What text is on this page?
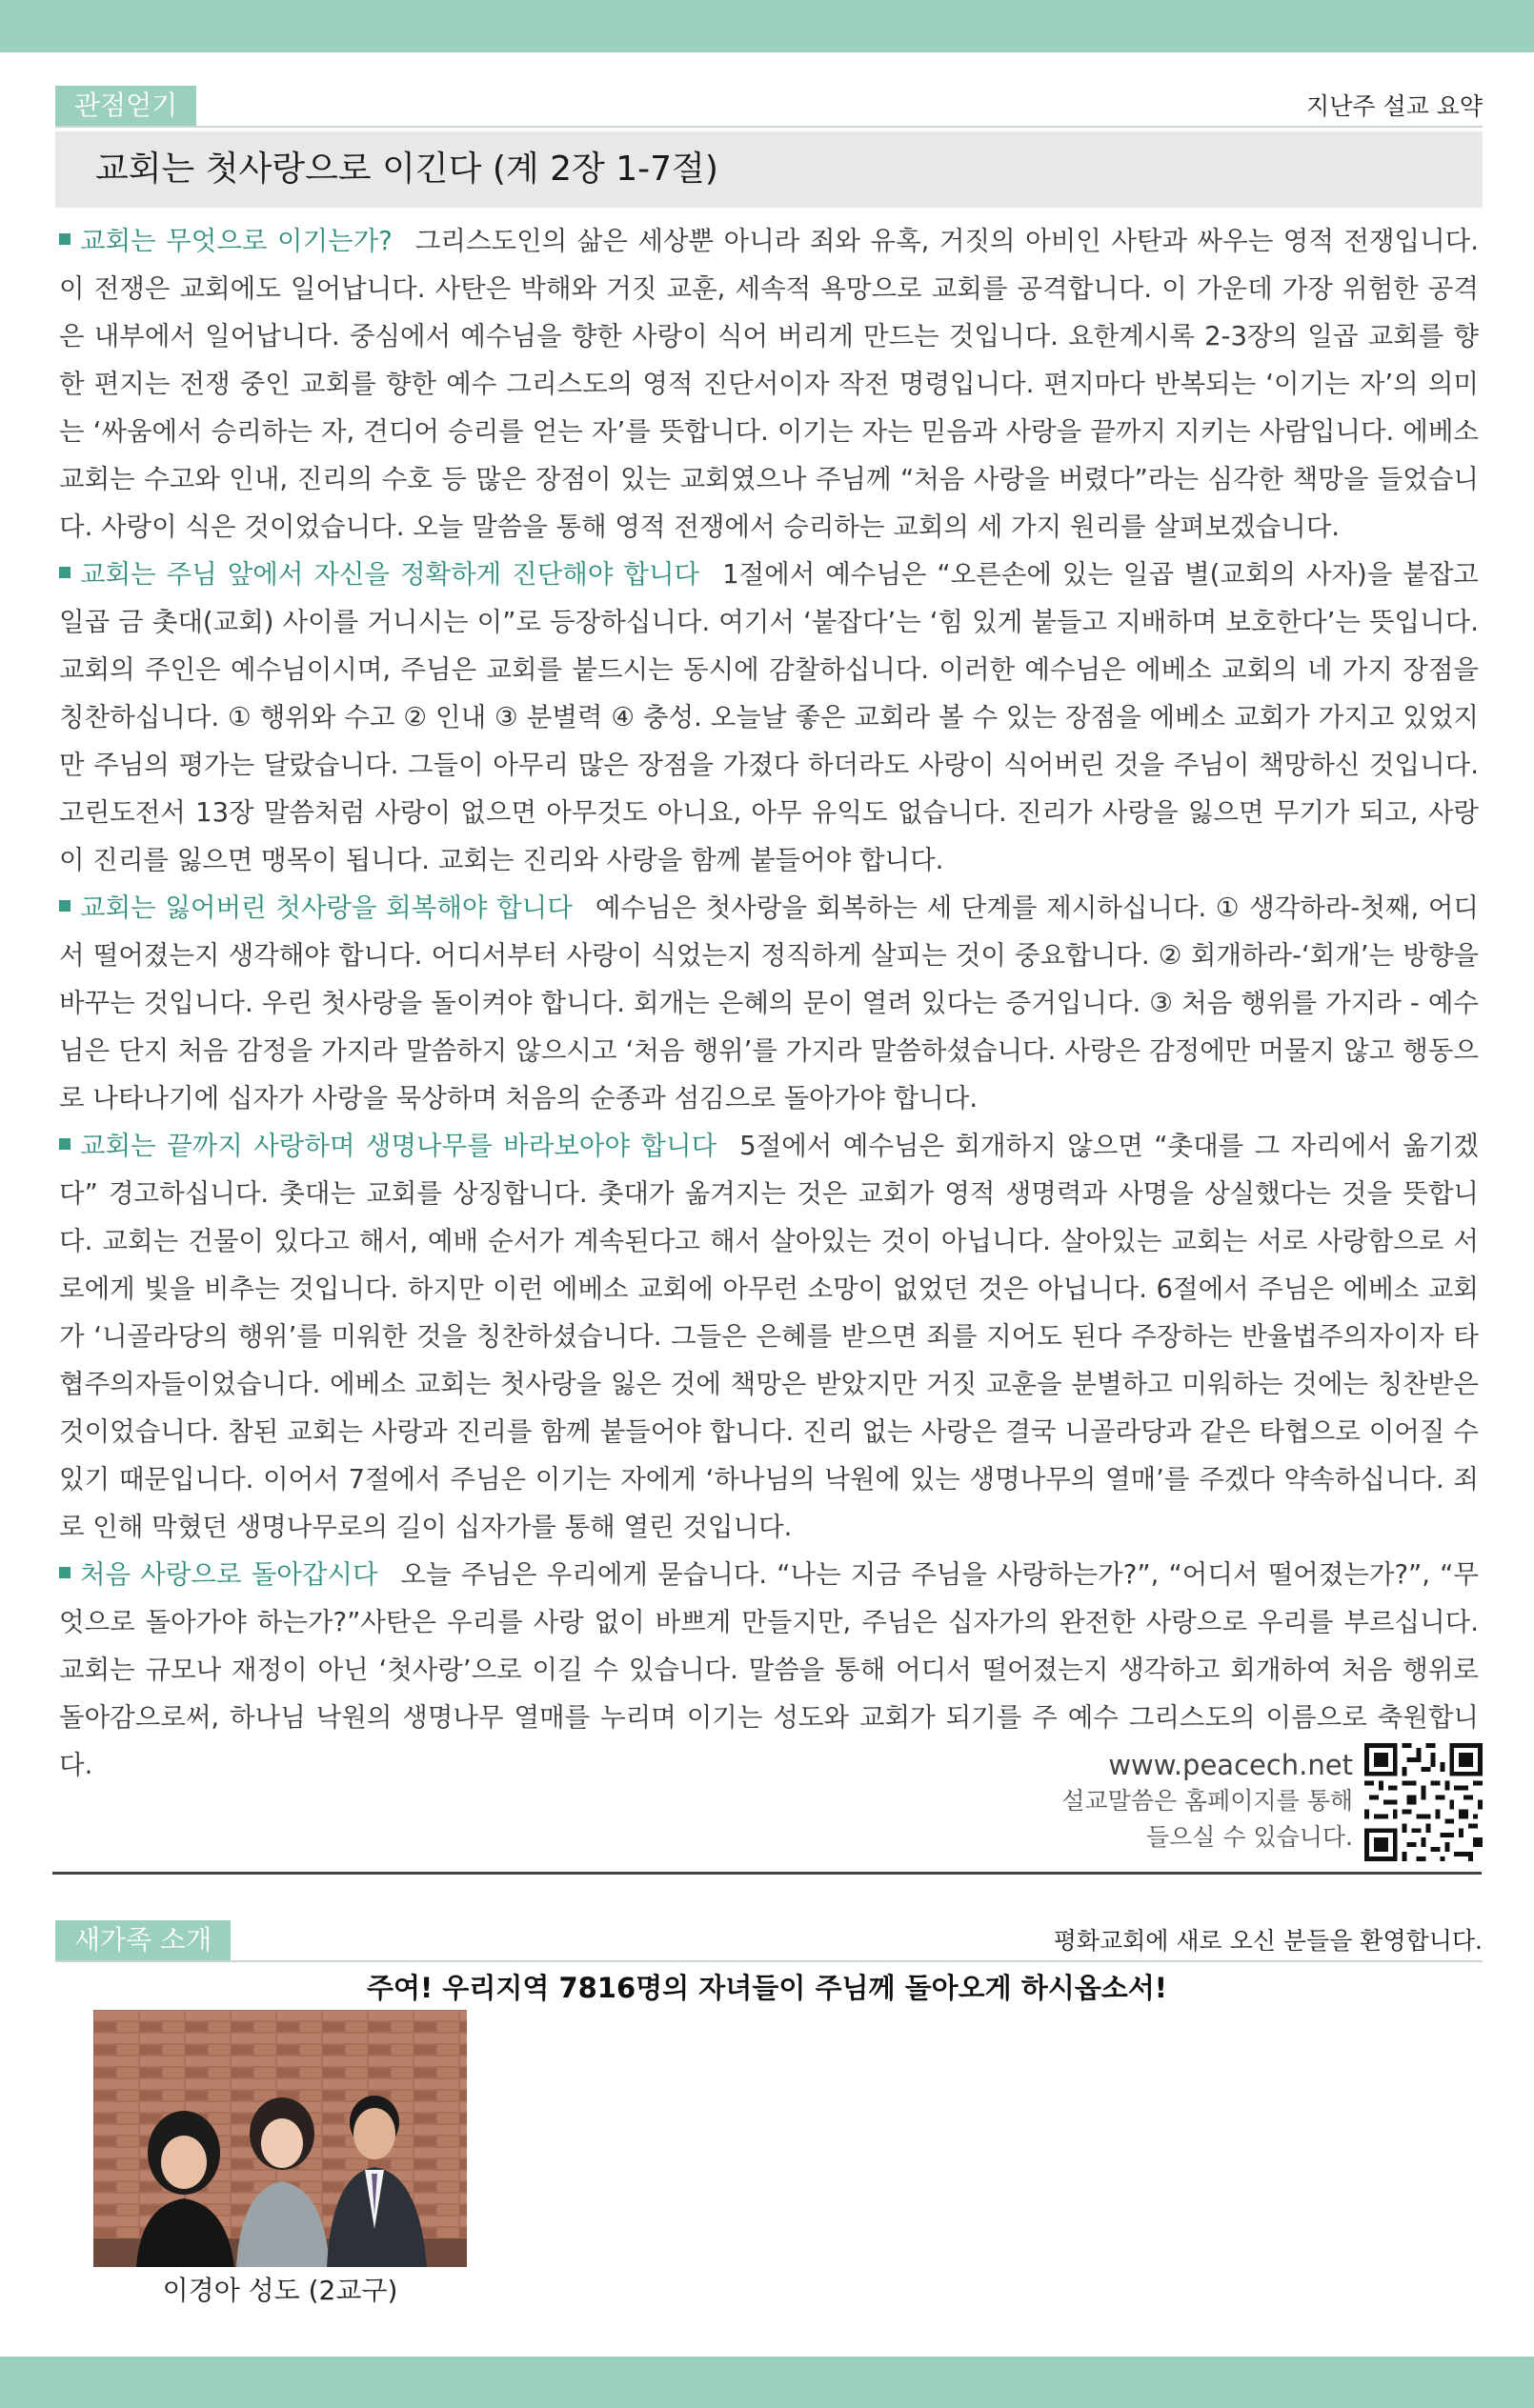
관점얻기	지난주 설교 요약
교회는 첫사랑으로 이긴다 (계 2장 1-7절)

교회는 무엇으로 이기는가? 그리스도인의 삶은 세상뿐 아니라 죄와 유혹, 거짓의 아비인 사탄과 싸우는 영적 전쟁입니다. 이 전쟁은 교회에도 일어납니다. 사탄은 박해와 거짓 교훈, 세속적 욕망으로 교회를 공격합니다. 이 가운데 가장 위험한 공격은 내부에서 일어납니다. 중심에서 예수님을 향한 사랑이 식어 버리게 만드는 것입니다. 요한계시록 2-3장의 일곱 교회를 향한 편지는 전쟁 중인 교회를 향한 예수 그리스도의 영적 진단서이자 작전 명령입니다. 편지마다 반복되는 ‘이기는 자’의 의미는 ‘싸움에서 승리하는 자, 견디어 승리를 얻는 자’를 뜻합니다. 이기는 자는 믿음과 사랑을 끝까지 지키는 사람입니다. 에베소 교회는 수고와 인내, 진리의 수호 등 많은 장점이 있는 교회였으나 주님께 “처음 사랑을 버렸다”라는 심각한 책망을 들었습니다. 사랑이 식은 것이었습니다. 오늘 말씀을 통해 영적 전쟁에서 승리하는 교회의 세 가지 원리를 살펴보겠습니다.

교회는 주님 앞에서 자신을 정확하게 진단해야 합니다 1절에서 예수님은 “오른손에 있는 일곱 별(교회의 사자)을 붙잡고 일곱 금 촛대(교회) 사이를 거니시는 이”로 등장하십니다. 여기서 ‘붙잡다’는 ‘힘 있게 붙들고 지배하며 보호한다’는 뜻입니다. 교회의 주인은 예수님이시며, 주님은 교회를 붙드시는 동시에 감찰하십니다. 이러한 예수님은 에베소 교회의 네 가지 장점을 칭찬하십니다. ① 행위와 수고 ② 인내 ③ 분별력 ④ 충성. 오늘날 좋은 교회라 볼 수 있는 장점을 에베소 교회가 가지고 있었지만 주님의 평가는 달랐습니다. 그들이 아무리 많은 장점을 가졌다 하더라도 사랑이 식어버린 것을 주님이 책망하신 것입니다. 고린도전서 13장 말씀처럼 사랑이 없으면 아무것도 아니요, 아무 유익도 없습니다. 진리가 사랑을 잃으면 무기가 되고, 사랑이 진리를 잃으면 맹목이 됩니다. 교회는 진리와 사랑을 함께 붙들어야 합니다.

교회는 잃어버린 첫사랑을 회복해야 합니다 예수님은 첫사랑을 회복하는 세 단계를 제시하십니다. ① 생각하라-첫째, 어디서 떨어졌는지 생각해야 합니다. 어디서부터 사랑이 식었는지 정직하게 살피는 것이 중요합니다. ② 회개하라-‘회개’는 방향을 바꾸는 것입니다. 우린 첫사랑을 돌이켜야 합니다. 회개는 은혜의 문이 열려 있다는 증거입니다. ③ 처음 행위를 가지라 - 예수님은 단지 처음 감정을 가지라 말씀하지 않으시고 ‘처음 행위’를 가지라 말씀하셨습니다. 사랑은 감정에만 머물지 않고 행동으로 나타나기에 십자가 사랑을 묵상하며 처음의 순종과 섬김으로 돌아가야 합니다.

교회는 끝까지 사랑하며 생명나무를 바라보아야 합니다 5절에서 예수님은 회개하지 않으면 “촛대를 그 자리에서 옮기겠다” 경고하십니다. 촛대는 교회를 상징합니다. 촛대가 옮겨지는 것은 교회가 영적 생명력과 사명을 상실했다는 것을 뜻합니다. 교회는 건물이 있다고 해서, 예배 순서가 계속된다고 해서 살아있는 것이 아닙니다. 살아있는 교회는 서로 사랑함으로 서로에게 빛을 비추는 것입니다. 하지만 이런 에베소 교회에 아무런 소망이 없었던 것은 아닙니다. 6절에서 주님은 에베소 교회가 ‘니골라당의 행위’를 미워한 것을 칭찬하셨습니다. 그들은 은혜를 받으면 죄를 지어도 된다 주장하는 반율법주의자이자 타협주의자들이었습니다. 에베소 교회는 첫사랑을 잃은 것에 책망은 받았지만 거짓 교훈을 분별하고 미워하는 것에는 칭찬받은 것이었습니다. 참된 교회는 사랑과 진리를 함께 붙들어야 합니다. 진리 없는 사랑은 결국 니골라당과 같은 타협으로 이어질 수 있기 때문입니다. 이어서 7절에서 주님은 이기는 자에게 ‘하나님의 낙원에 있는 생명나무의 열매’를 주겠다 약속하십니다. 죄로 인해 막혔던 생명나무로의 길이 십자가를 통해 열린 것입니다.

처음 사랑으로 돌아갑시다 오늘 주님은 우리에게 묻습니다. “나는 지금 주님을 사랑하는가?”, “어디서 떨어졌는가?”, “무엇으로 돌아가야 하는가?”사탄은 우리를 사랑 없이 바쁘게 만들지만, 주님은 십자가의 완전한 사랑으로 우리를 부르십니다. 교회는 규모나 재정이 아닌 ‘첫사랑’으로 이길 수 있습니다. 말씀을 통해 어디서 떨어졌는지 생각하고 회개하여 처음 행위로 돌아감으로써, 하나님 낙원의 생명나무 열매를 누리며 이기는 성도와 교회가 되기를 주 예수 그리스도의 이름으로 축원합니다.	www.peacech.net
설교말씀은 홈페이지를 통해
들으실 수 있습니다.
새가족 소개	평화교회에 새로 오신 분들을 환영합니다.
주여! 우리지역 7816명의 자녀들이 주님께 돌아오게 하시옵소서!
이경아 성도 (2교구)
